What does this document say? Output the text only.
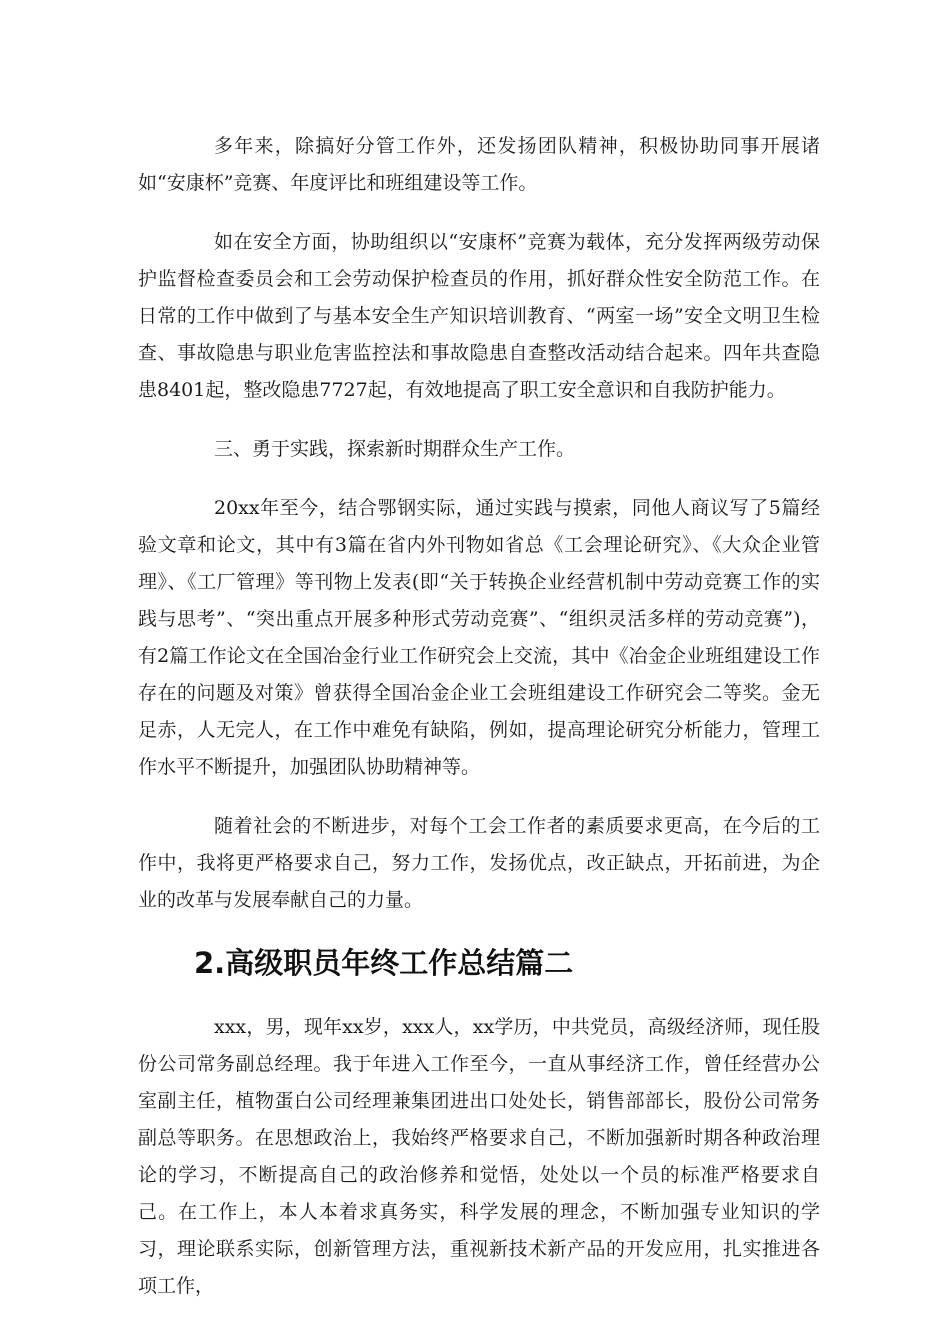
多年来，除搞好分管工作外，还发扬团队精神，积极协助同事开展诸如“安康杯”竞赛、年度评比和班组建设等工作。

如在安全方面，协助组织以“安康杯”竞赛为载体，充分发挥两级劳动保护监督检查委员会和工会劳动保护检查员的作用，抓好群众性安全防范工作。在日常的工作中做到了与基本安全生产知识培训教育、“两室一场”安全文明卫生检查、事故隐患与职业危害监控法和事故隐患自查整改活动结合起来。四年共查隐患8401起，整改隐患7727起，有效地提高了职工安全意识和自我防护能力。

三、勇于实践，探索新时期群众生产工作。

20xx年至今，结合鄂钢实际，通过实践与摸索，同他人商议写了5篇经验文章和论文，其中有3篇在省内外刊物如省总《工会理论研究》、《大众企业管理》、《工厂管理》等刊物上发表(即“关于转换企业经营机制中劳动竞赛工作的实践与思考”、“突出重点开展多种形式劳动竞赛”、“组织灵活多样的劳动竞赛”)，有2篇工作论文在全国冶金行业工作研究会上交流，其中《冶金企业班组建设工作存在的问题及对策》曾获得全国冶金企业工会班组建设工作研究会二等奖。金无足赤，人无完人，在工作中难免有缺陷，例如，提高理论研究分析能力，管理工作水平不断提升，加强团队协助精神等。

随着社会的不断进步，对每个工会工作者的素质要求更高，在今后的工作中，我将更严格要求自己，努力工作，发扬优点，改正缺点，开拓前进，为企业的改革与发展奉献自己的力量。

2.高级职员年终工作总结篇二

xxx，男，现年xx岁，xxx人，xx学历，中共党员，高级经济师，现任股份公司常务副总经理。我于年进入工作至今，一直从事经济工作，曾任经营办公室副主任，植物蛋白公司经理兼集团进出口处处长，销售部部长，股份公司常务副总等职务。在思想政治上，我始终严格要求自己，不断加强新时期各种政治理论的学习，不断提高自己的政治修养和觉悟，处处以一个员的标准严格要求自己。在工作上，本人本着求真务实，科学发展的理念，不断加强专业知识的学习，理论联系实际，创新管理方法，重视新技术新产品的开发应用，扎实推进各项工作，
